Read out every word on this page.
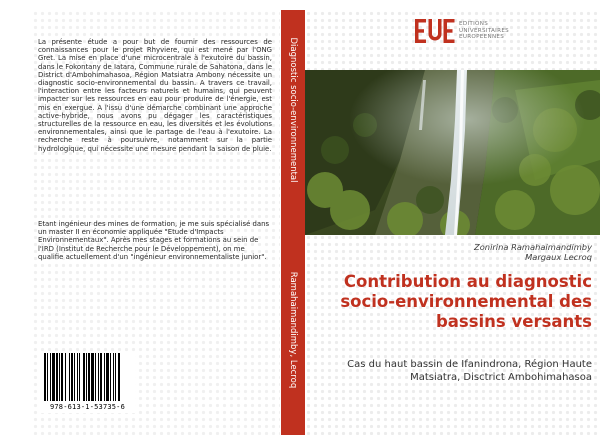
La présente étude a pour but de fournir des ressources de connaissances pour le projet Rhyviere, qui est mené par l'ONG Gret. La mise en place d'une microcentrale à l'exutoire du bassin, dans le Fokontany de Iatara, Commune rurale de Sahatona, dans le District d'Ambohimahasoa, Région Matsiatra Ambony nécessite un diagnostic socio-environnemental du bassin. A travers ce travail, l'interaction entre les facteurs naturels et humains, qui peuvent impacter sur les ressources en eau pour produire de l'énergie, est mis en exergue. A l'issu d'une démarche combinant une approche active-hybride, nous avons pu dégager les caractéristiques structurelles de la ressource en eau, les diversités et les évolutions environnementales, ainsi que le partage de l'eau à l'exutoire. La recherche reste à poursuivre, notamment sur la partie hydrologique, qui nécessite une mesure pendant la saison de pluie.
Etant ingénieur des mines de formation, je me suis spécialisé dans un master II en économie appliquée "Etude d'Impacts Environnementaux". Après mes stages et formations au sein de l'IRD (Institut de Recherche pour le Développement), on me qualifie actuellement d'un "ingénieur environnementaliste junior".
978-613-1-53735-6
Diagnostic socio-environnemental
Ramahaimandimby, Lecroq
EDITIONS
UNIVERSITAIRES
EUROPEENNES
Zonirina Ramahaimandimby
Margaux Lecroq
Contribution au diagnostic socio-environnemental des bassins versants
Cas du haut bassin de Ifanindrona, Région Haute Matsiatra, Disctrict Ambohimahasoa
